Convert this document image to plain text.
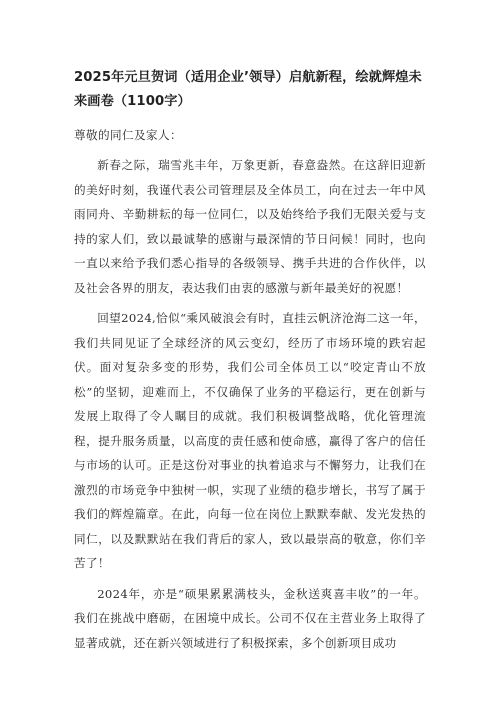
2025年元旦贺词（适用企业’领导）启航新程，绘就辉煌未来画卷（1100字）

尊敬的同仁及家人：

新春之际，瑞雪兆丰年，万象更新，春意盎然。在这辞旧迎新的美好时刻，我谨代表公司管理层及全体员工，向在过去一年中风雨同舟、辛勤耕耘的每一位同仁，以及始终给予我们无限关爱与支持的家人们，致以最诚挚的感谢与最深情的节日问候！同时，也向一直以来给予我们悉心指导的各级领导、携手共进的合作伙伴，以及社会各界的朋友，表达我们由衷的感激与新年最美好的祝愿！

回望2024,恰似“乘风破浪会有时，直挂云帆济沧海二这一年，我们共同见证了全球经济的风云变幻，经历了市场环境的跌宕起伏。面对复杂多变的形势，我们公司全体员工以“咬定青山不放松”的坚韧，迎难而上，不仅确保了业务的平稳运行，更在创新与发展上取得了令人瞩目的成就。我们积极调整战略，优化管理流程，提升服务质量，以高度的责任感和使命感，赢得了客户的信任与市场的认可。正是这份对事业的执着追求与不懈努力，让我们在激烈的市场竞争中独树一帜，实现了业绩的稳步增长，书写了属于我们的辉煌篇章。在此，向每一位在岗位上默默奉献、发光发热的同仁，以及默默站在我们背后的家人，致以最崇高的敬意，你们辛苦了！

2024年，亦是“硕果累累满枝头，金秋送爽喜丰收”的一年。我们在挑战中磨砺，在困境中成长。公司不仅在主营业务上取得了显著成就，还在新兴领域进行了积极探索，多个创新项目成功
